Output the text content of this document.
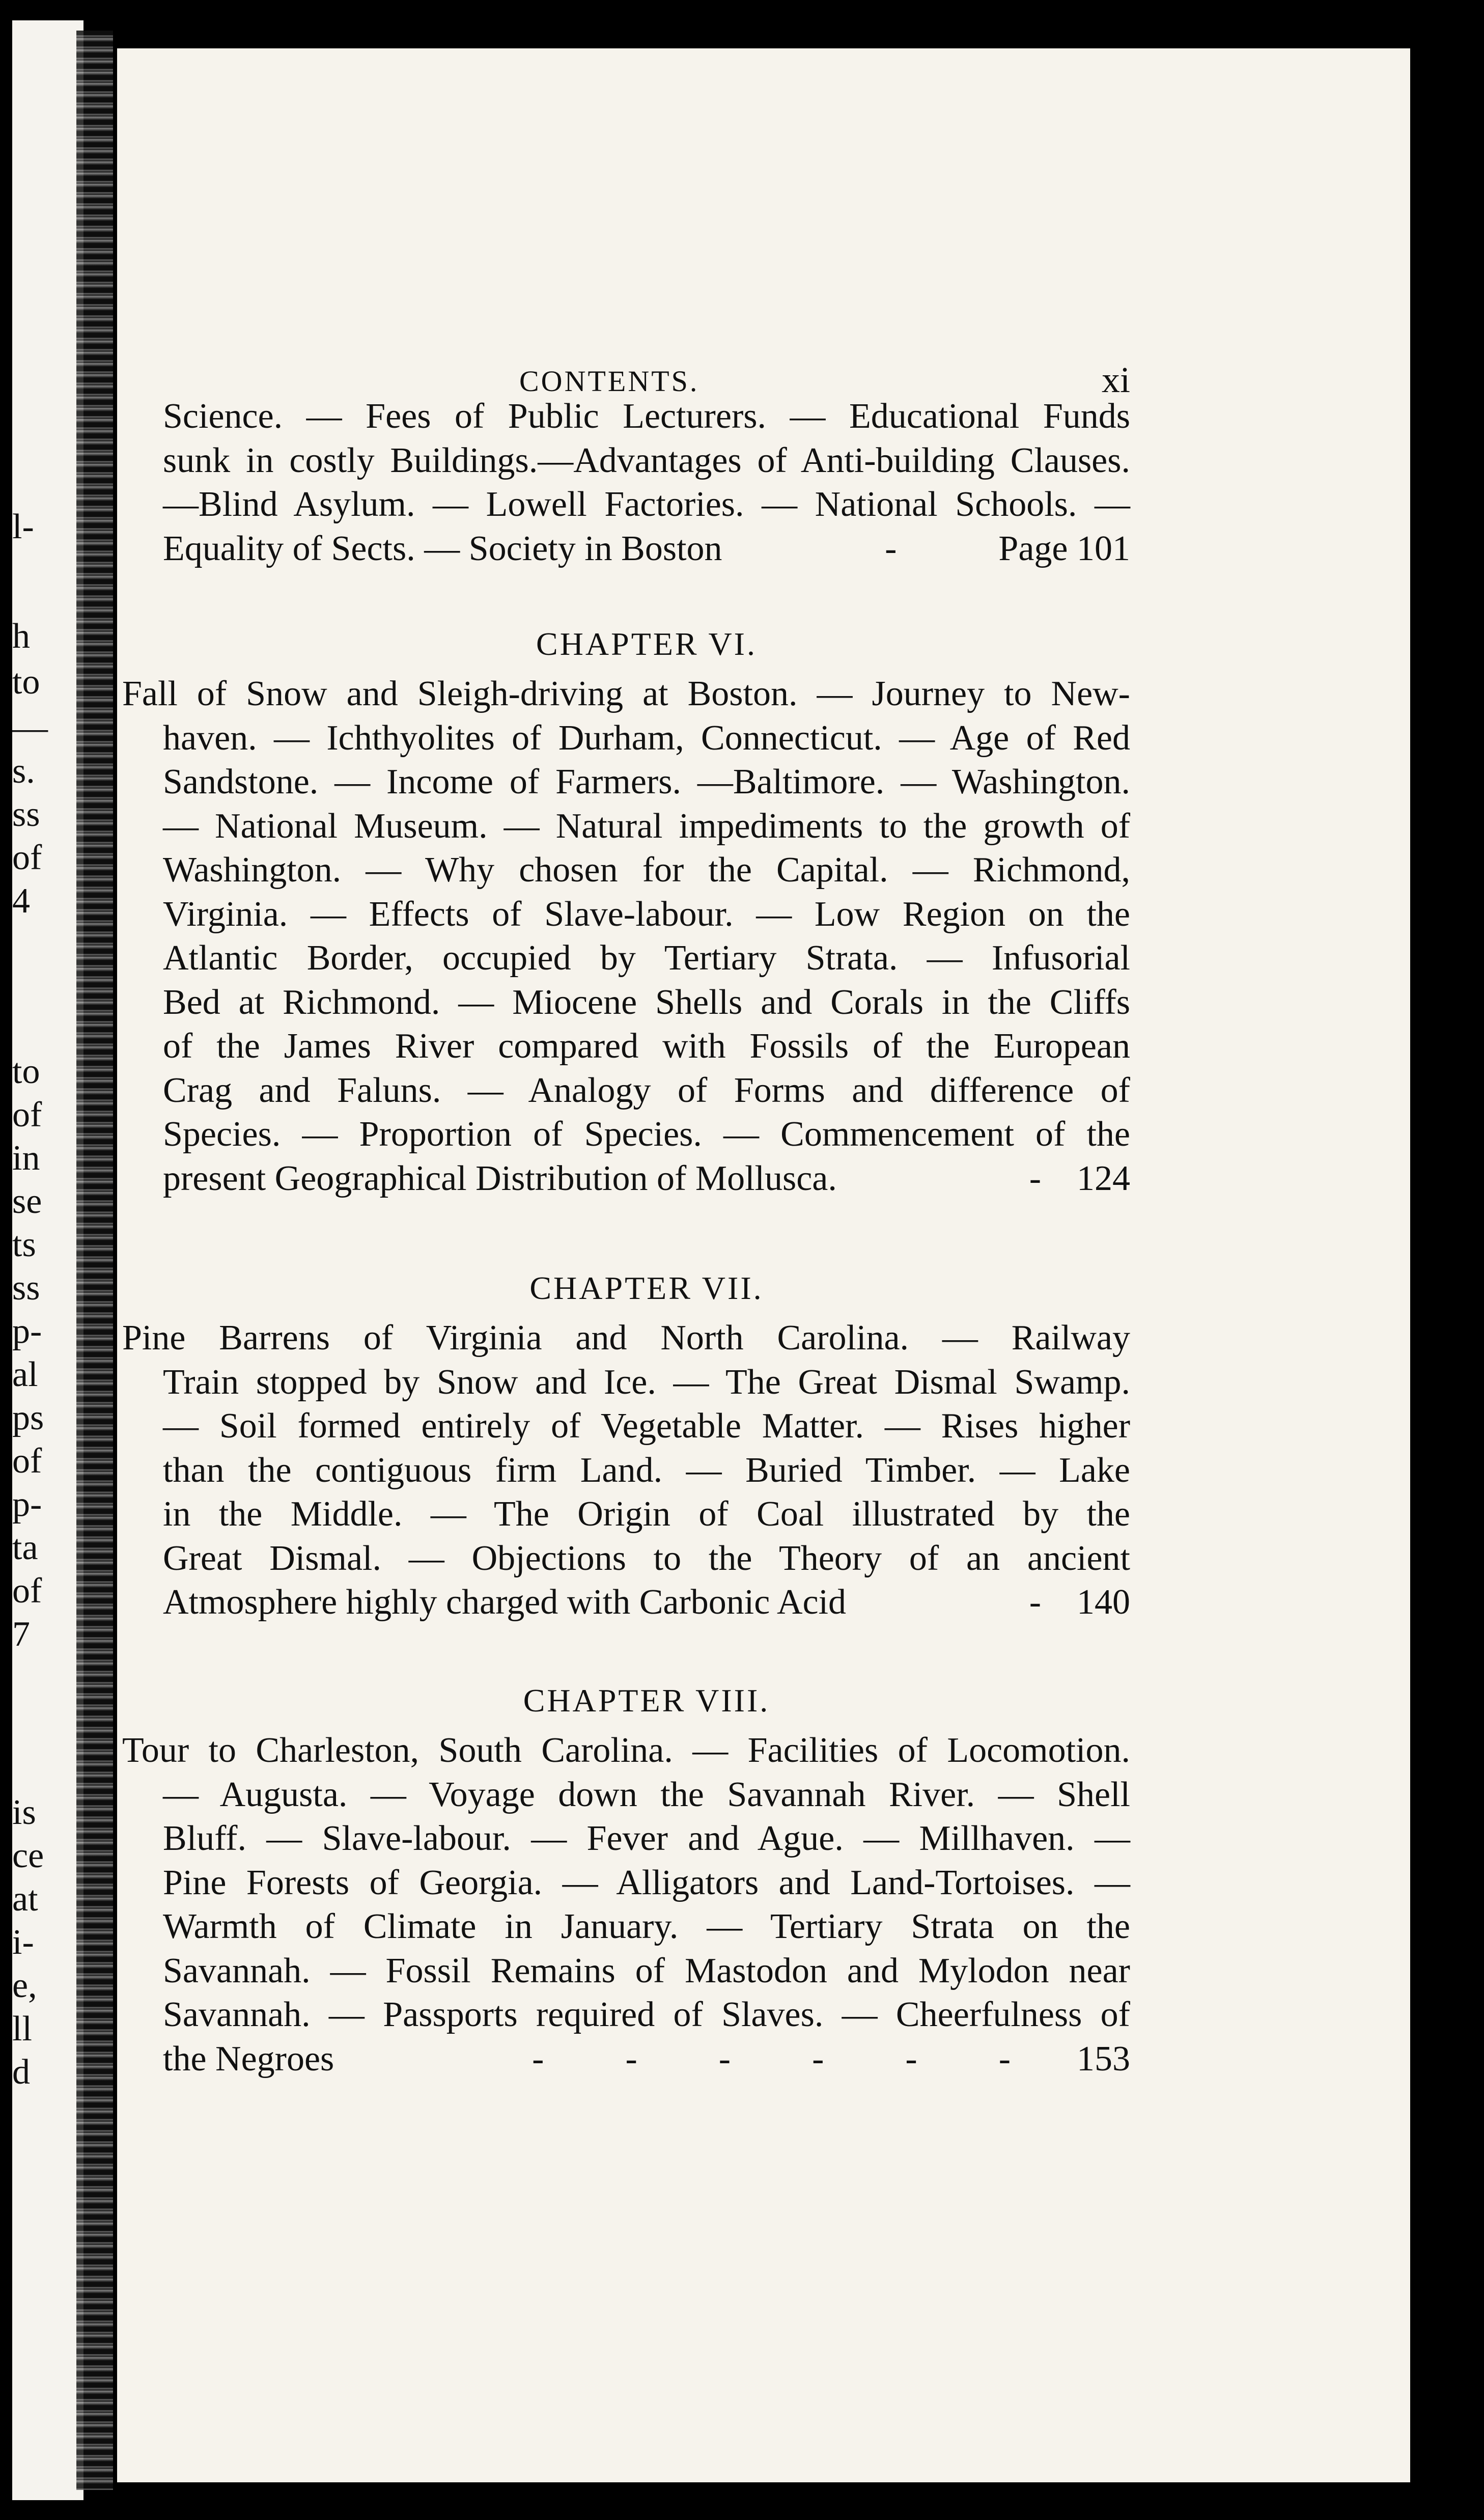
l-
h
to
—
s.
ss
of
4
to
of
in
se
ts
ss
p-
al
ps
of
p-
ta
of
7
is
ce
at
i-
e,
ll
d
CONTENTS.	xi
Science. — Fees of Public Lecturers. — Educational Funds
sunk in costly Buildings.—Advantages of Anti-building Clauses.
—Blind Asylum. — Lowell Factories. — National Schools. —
Equality of Sects. — Society in Boston	-	Page 101
CHAPTER VI.
Fall of Snow and Sleigh-driving at Boston. — Journey to New-
haven. — Ichthyolites of Durham, Connecticut. — Age of Red
Sandstone. — Income of Farmers. —Baltimore. — Washington.
— National Museum. — Natural impediments to the growth of
Washington. — Why chosen for the Capital. — Richmond,
Virginia. — Effects of Slave-labour. — Low Region on the
Atlantic Border, occupied by Tertiary Strata. — Infusorial
Bed at Richmond. — Miocene Shells and Corals in the Cliffs
of the James River compared with Fossils of the European
Crag and Faluns. — Analogy of Forms and difference of
Species. — Proportion of Species. — Commencement of the
present Geographical Distribution of Mollusca.	- 124
CHAPTER VII.
Pine Barrens of Virginia and North Carolina. — Railway
Train stopped by Snow and Ice. — The Great Dismal Swamp.
— Soil formed entirely of Vegetable Matter. — Rises higher
than the contiguous firm Land. — Buried Timber. — Lake
in the Middle. — The Origin of Coal illustrated by the
Great Dismal. — Objections to the Theory of an ancient
Atmosphere highly charged with Carbonic Acid	- 140
CHAPTER VIII.
Tour to Charleston, South Carolina. — Facilities of Locomotion.
— Augusta. — Voyage down the Savannah River. — Shell
Bluff. — Slave-labour. — Fever and Ague. — Millhaven. —
Pine Forests of Georgia. — Alligators and Land-Tortoises. —
Warmth of Climate in January. — Tertiary Strata on the
Savannah. — Fossil Remains of Mastodon and Mylodon near
Savannah. — Passports required of Slaves. — Cheerfulness of
the Negroes	- - - - - - 153
